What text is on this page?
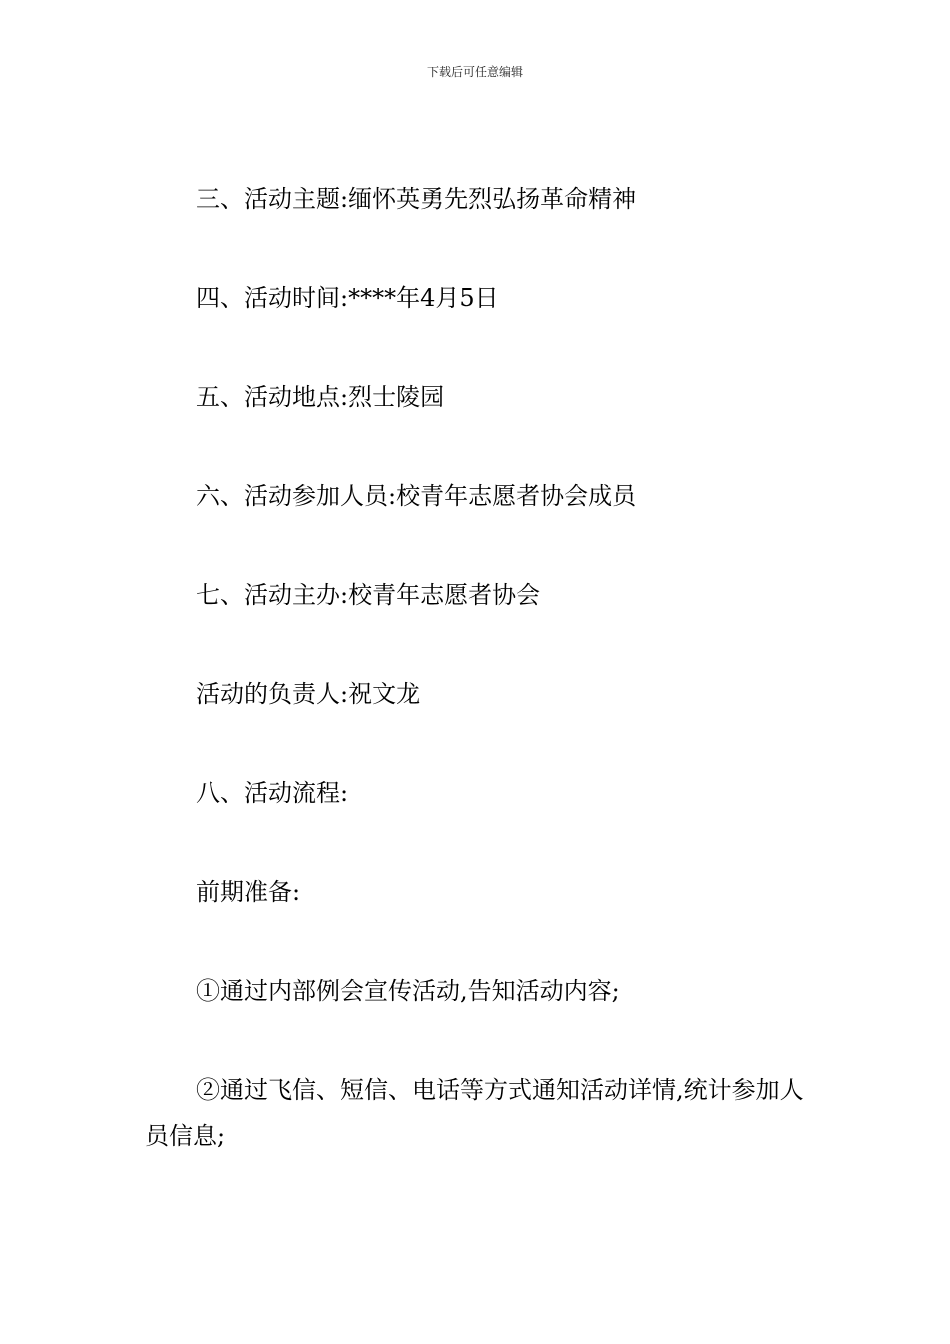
下载后可任意编辑

三、活动主题:缅怀英勇先烈弘扬革命精神

四、活动时间:****年4月5日

五、活动地点:烈士陵园

六、活动参加人员:校青年志愿者协会成员

七、活动主办:校青年志愿者协会

活动的负责人:祝文龙

八、活动流程:

前期准备:

①通过内部例会宣传活动,告知活动内容;

②通过飞信、短信、电话等方式通知活动详情,统计参加人员信息;
